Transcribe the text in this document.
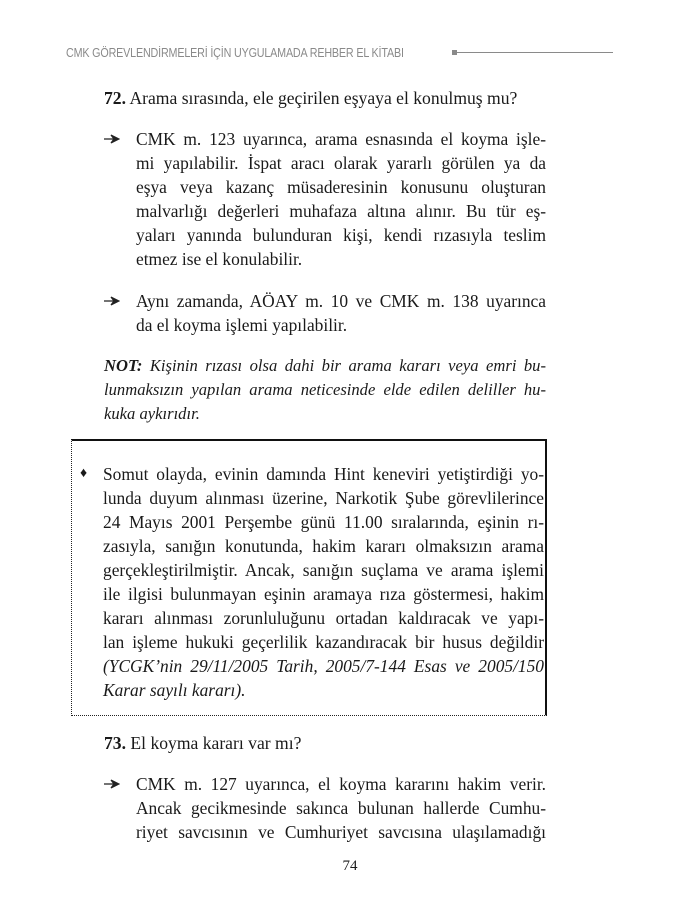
CMK GÖREVLENDİRMELERİ İÇİN UYGULAMADA REHBER EL KİTABI
72. Arama sırasında, ele geçirilen eşyaya el konulmuş mu?
CMK m. 123 uyarınca, arama esnasında el koyma işle-
mi yapılabilir. İspat aracı olarak yararlı görülen ya da
eşya veya kazanç müsaderesinin konusunu oluşturan
malvarlığı değerleri muhafaza altına alınır. Bu tür eş-
yaları yanında bulunduran kişi, kendi rızasıyla teslim
etmez ise el konulabilir.
Aynı zamanda, AÖAY m. 10 ve CMK m. 138 uyarınca
da el koyma işlemi yapılabilir.
NOT: Kişinin rızası olsa dahi bir arama kararı veya emri bu-
lunmaksızın yapılan arama neticesinde elde edilen deliller hu-
kuka aykırıdır.
♦ Somut olayda, evinin damında Hint keneviri yetiştirdiği yo-
lunda duyum alınması üzerine, Narkotik Şube görevlilerince
24 Mayıs 2001 Perşembe günü 11.00 sıralarında, eşinin rı-
zasıyla, sanığın konutunda, hakim kararı olmaksızın arama
gerçekleştirilmiştir. Ancak, sanığın suçlama ve arama işlemi
ile ilgisi bulunmayan eşinin aramaya rıza göstermesi, hakim
kararı alınması zorunluluğunu ortadan kaldıracak ve yapı-
lan işleme hukuki geçerlilik kazandıracak bir husus değildir
(YCGK’nin 29/11/2005 Tarih, 2005/7-144 Esas ve 2005/150
Karar sayılı kararı).
73. El koyma kararı var mı?
CMK m. 127 uyarınca, el koyma kararını hakim verir.
Ancak gecikmesinde sakınca bulunan hallerde Cumhu-
riyet savcısının ve Cumhuriyet savcısına ulaşılamadığı
74
